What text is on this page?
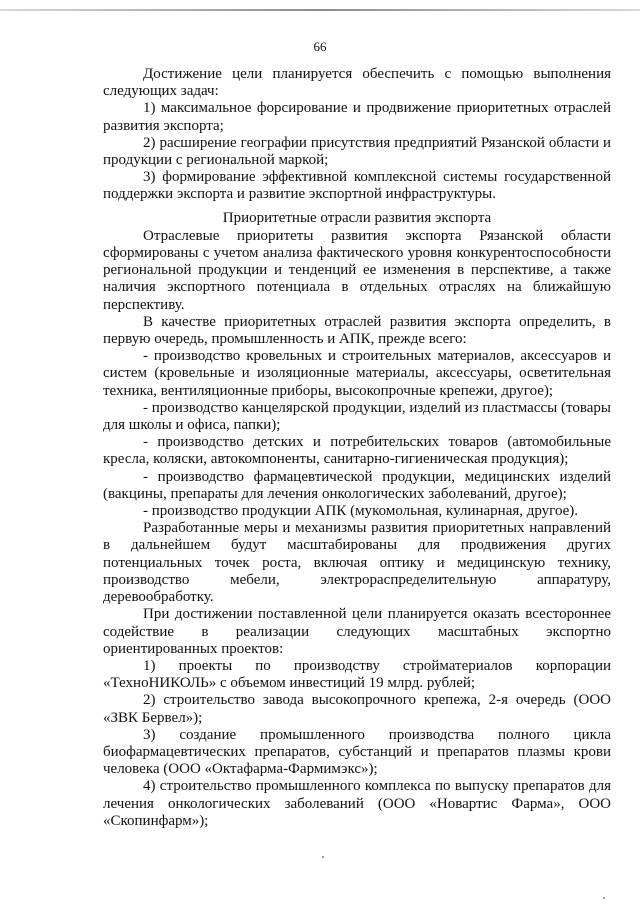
66

Достижение цели планируется обеспечить с помощью выполнения следующих задач:

1) максимальное форсирование и продвижение приоритетных отраслей развития экспорта;

2) расширение географии присутствия предприятий Рязанской области и продукции с региональной маркой;

3) формирование эффективной комплексной системы государственной поддержки экспорта и развитие экспортной инфраструктуры.

Приоритетные отрасли развития экспорта

Отраслевые приоритеты развития экспорта Рязанской области сформированы с учетом анализа фактического уровня конкурентоспособности региональной продукции и тенденций ее изменения в перспективе, а также наличия экспортного потенциала в отдельных отраслях на ближайшую перспективу.

В качестве приоритетных отраслей развития экспорта определить, в первую очередь, промышленность и АПК, прежде всего:

- производство кровельных и строительных материалов, аксессуаров и систем (кровельные и изоляционные материалы, аксессуары, осветительная техника, вентиляционные приборы, высокопрочные крепежи, другое);

- производство канцелярской продукции, изделий из пластмассы (товары для школы и офиса, папки);

- производство детских и потребительских товаров (автомобильные кресла, коляски, автокомпоненты, санитарно-гигиеническая продукция);

- производство фармацевтической продукции, медицинских изделий (вакцины, препараты для лечения онкологических заболеваний, другое);

- производство продукции АПК (мукомольная, кулинарная, другое).

Разработанные меры и механизмы развития приоритетных направлений в дальнейшем будут масштабированы для продвижения других потенциальных точек роста, включая оптику и медицинскую технику, производство мебели, электрораспределительную аппаратуру, деревообработку.

При достижении поставленной цели планируется оказать всестороннее содействие в реализации следующих масштабных экспортно ориентированных проектов:

1) проекты по производству стройматериалов корпорации «ТехноНИКОЛЬ» с объемом инвестиций 19 млрд. рублей;

2) строительство завода высокопрочного крепежа, 2-я очередь (ООО «ЗВК Бервел»);

3) создание промышленного производства полного цикла биофармацевтических препаратов, субстанций и препаратов плазмы крови человека (ООО «Октафарма-Фармимэкс»);

4) строительство промышленного комплекса по выпуску препаратов для лечения онкологических заболеваний (ООО «Новартис Фарма», ООО «Скопинфарм»);
